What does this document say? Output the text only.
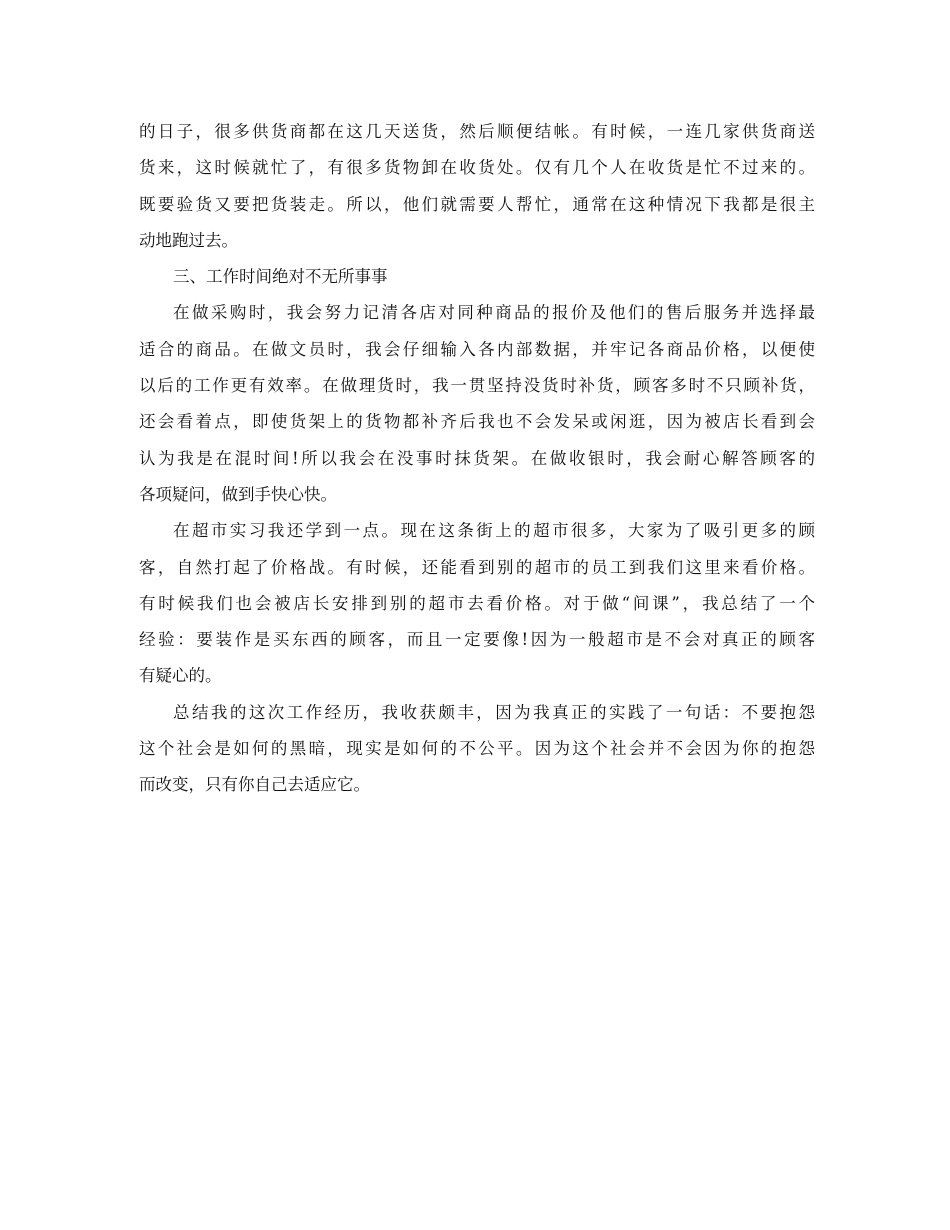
的日子，很多供货商都在这几天送货，然后顺便结帐。有时候，一连几家供货商送
货来，这时候就忙了，有很多货物卸在收货处。仅有几个人在收货是忙不过来的。
既要验货又要把货装走。所以，他们就需要人帮忙，通常在这种情况下我都是很主
动地跑过去。
三、工作时间绝对不无所事事
在做采购时，我会努力记清各店对同种商品的报价及他们的售后服务并选择最
适合的商品。在做文员时，我会仔细输入各内部数据，并牢记各商品价格，以便使
以后的工作更有效率。在做理货时，我一贯坚持没货时补货，顾客多时不只顾补货，
还会看着点，即使货架上的货物都补齐后我也不会发呆或闲逛，因为被店长看到会
认为我是在混时间!所以我会在没事时抹货架。在做收银时，我会耐心解答顾客的
各项疑问，做到手快心快。
在超市实习我还学到一点。现在这条街上的超市很多，大家为了吸引更多的顾
客，自然打起了价格战。有时候，还能看到别的超市的员工到我们这里来看价格。
有时候我们也会被店长安排到别的超市去看价格。对于做“间课”，我总结了一个
经验：要装作是买东西的顾客，而且一定要像!因为一般超市是不会对真正的顾客
有疑心的。
总结我的这次工作经历，我收获颇丰，因为我真正的实践了一句话：不要抱怨
这个社会是如何的黑暗，现实是如何的不公平。因为这个社会并不会因为你的抱怨
而改变，只有你自己去适应它。
